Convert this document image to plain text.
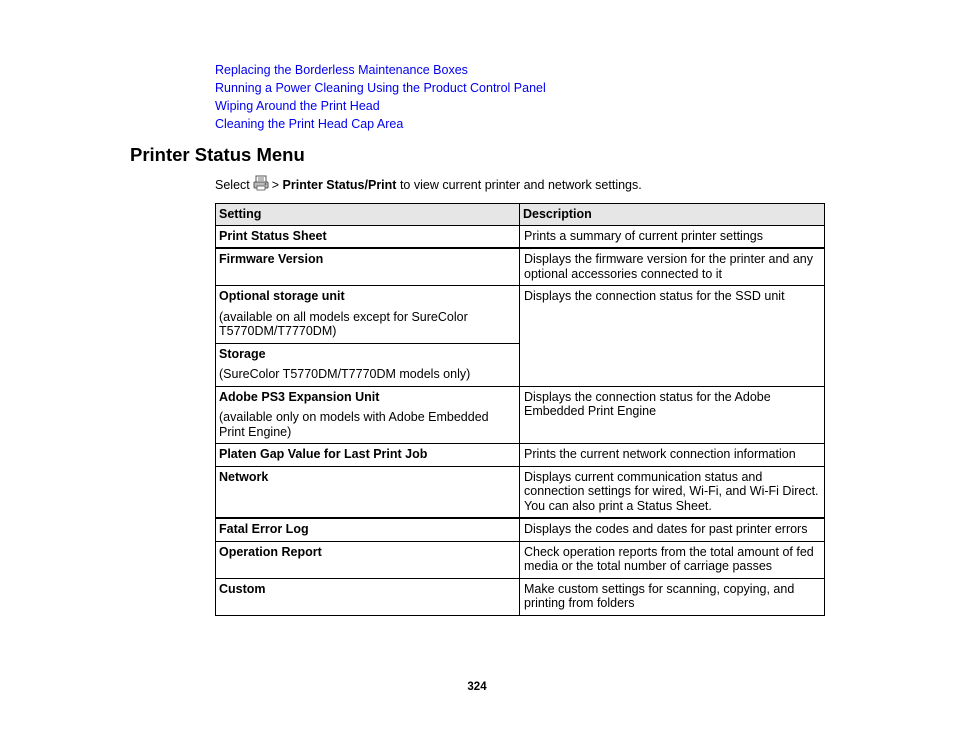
Replacing the Borderless Maintenance Boxes
Running a Power Cleaning Using the Product Control Panel
Wiping Around the Print Head
Cleaning the Print Head Cap Area
Printer Status Menu
Select > Printer Status/Print to view current printer and network settings.
Setting	Description
Print Status Sheet	Prints a summary of current printer settings
Firmware Version	Displays the firmware version for the printer and any optional accessories connected to it
Optional storage unit
(available on all models except for SureColor T5770DM/T7770DM)	Displays the connection status for the SSD unit
Storage
(SureColor T5770DM/T7770DM models only)	

Adobe PS3 Expansion Unit
(available only on models with Adobe Embedded Print Engine)	Displays the connection status for the Adobe Embedded Print Engine
Platen Gap Value for Last Print Job	Prints the current network connection information
Network	Displays current communication status and connection settings for wired, Wi-Fi, and Wi-Fi Direct. You can also print a Status Sheet.
Fatal Error Log	Displays the codes and dates for past printer errors
Operation Report	Check operation reports from the total amount of fed media or the total number of carriage passes
Custom	Make custom settings for scanning, copying, and printing from folders
324
